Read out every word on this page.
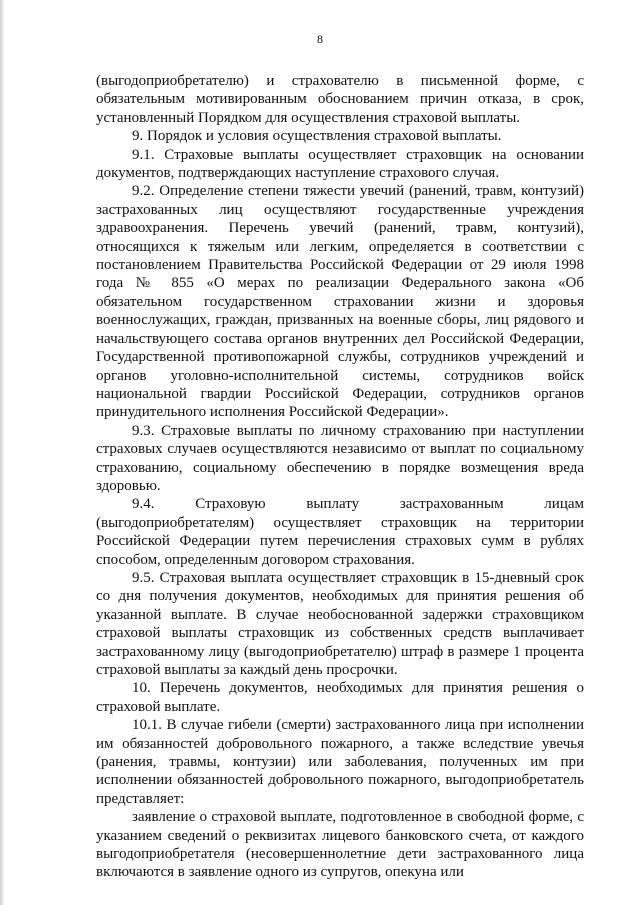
8

(выгодоприобретателю) и страхователю в письменной форме, с обязательным мотивированным обоснованием причин отказа, в срок, установленный Порядком для осуществления страховой выплаты.

9. Порядок и условия осуществления страховой выплаты.

9.1. Страховые выплаты осуществляет страховщик на основании документов, подтверждающих наступление страхового случая.

9.2. Определение степени тяжести увечий (ранений, травм, контузий) застрахованных лиц осуществляют государственные учреждения здравоохранения. Перечень увечий (ранений, травм, контузий), относящихся к тяжелым или легким, определяется в соответствии с постановлением Правительства Российской Федерации от 29 июля 1998 года № 855 «О мерах по реализации Федерального закона «Об обязательном государственном страховании жизни и здоровья военнослужащих, граждан, призванных на военные сборы, лиц рядового и начальствующего состава органов внутренних дел Российской Федерации, Государственной противопожарной службы, сотрудников учреждений и органов уголовно-исполнительной системы, сотрудников войск национальной гвардии Российской Федерации, сотрудников органов принудительного исполнения Российской Федерации».

9.3. Страховые выплаты по личному страхованию при наступлении страховых случаев осуществляются независимо от выплат по социальному страхованию, социальному обеспечению в порядке возмещения вреда здоровью.

9.4. Страховую выплату застрахованным лицам (выгодоприобретателям) осуществляет страховщик на территории Российской Федерации путем перечисления страховых сумм в рублях способом, определенным договором страхования.

9.5. Страховая выплата осуществляет страховщик в 15-дневный срок со дня получения документов, необходимых для принятия решения об указанной выплате. В случае необоснованной задержки страховщиком страховой выплаты страховщик из собственных средств выплачивает застрахованному лицу (выгодоприобретателю) штраф в размере 1 процента страховой выплаты за каждый день просрочки.

10. Перечень документов, необходимых для принятия решения о страховой выплате.

10.1. В случае гибели (смерти) застрахованного лица при исполнении им обязанностей добровольного пожарного, а также вследствие увечья (ранения, травмы, контузии) или заболевания, полученных им при исполнении обязанностей добровольного пожарного, выгодоприобретатель представляет:

заявление о страховой выплате, подготовленное в свободной форме, с указанием сведений о реквизитах лицевого банковского счета, от каждого выгодоприобретателя (несовершеннолетние дети застрахованного лица включаются в заявление одного из супругов, опекуна или
